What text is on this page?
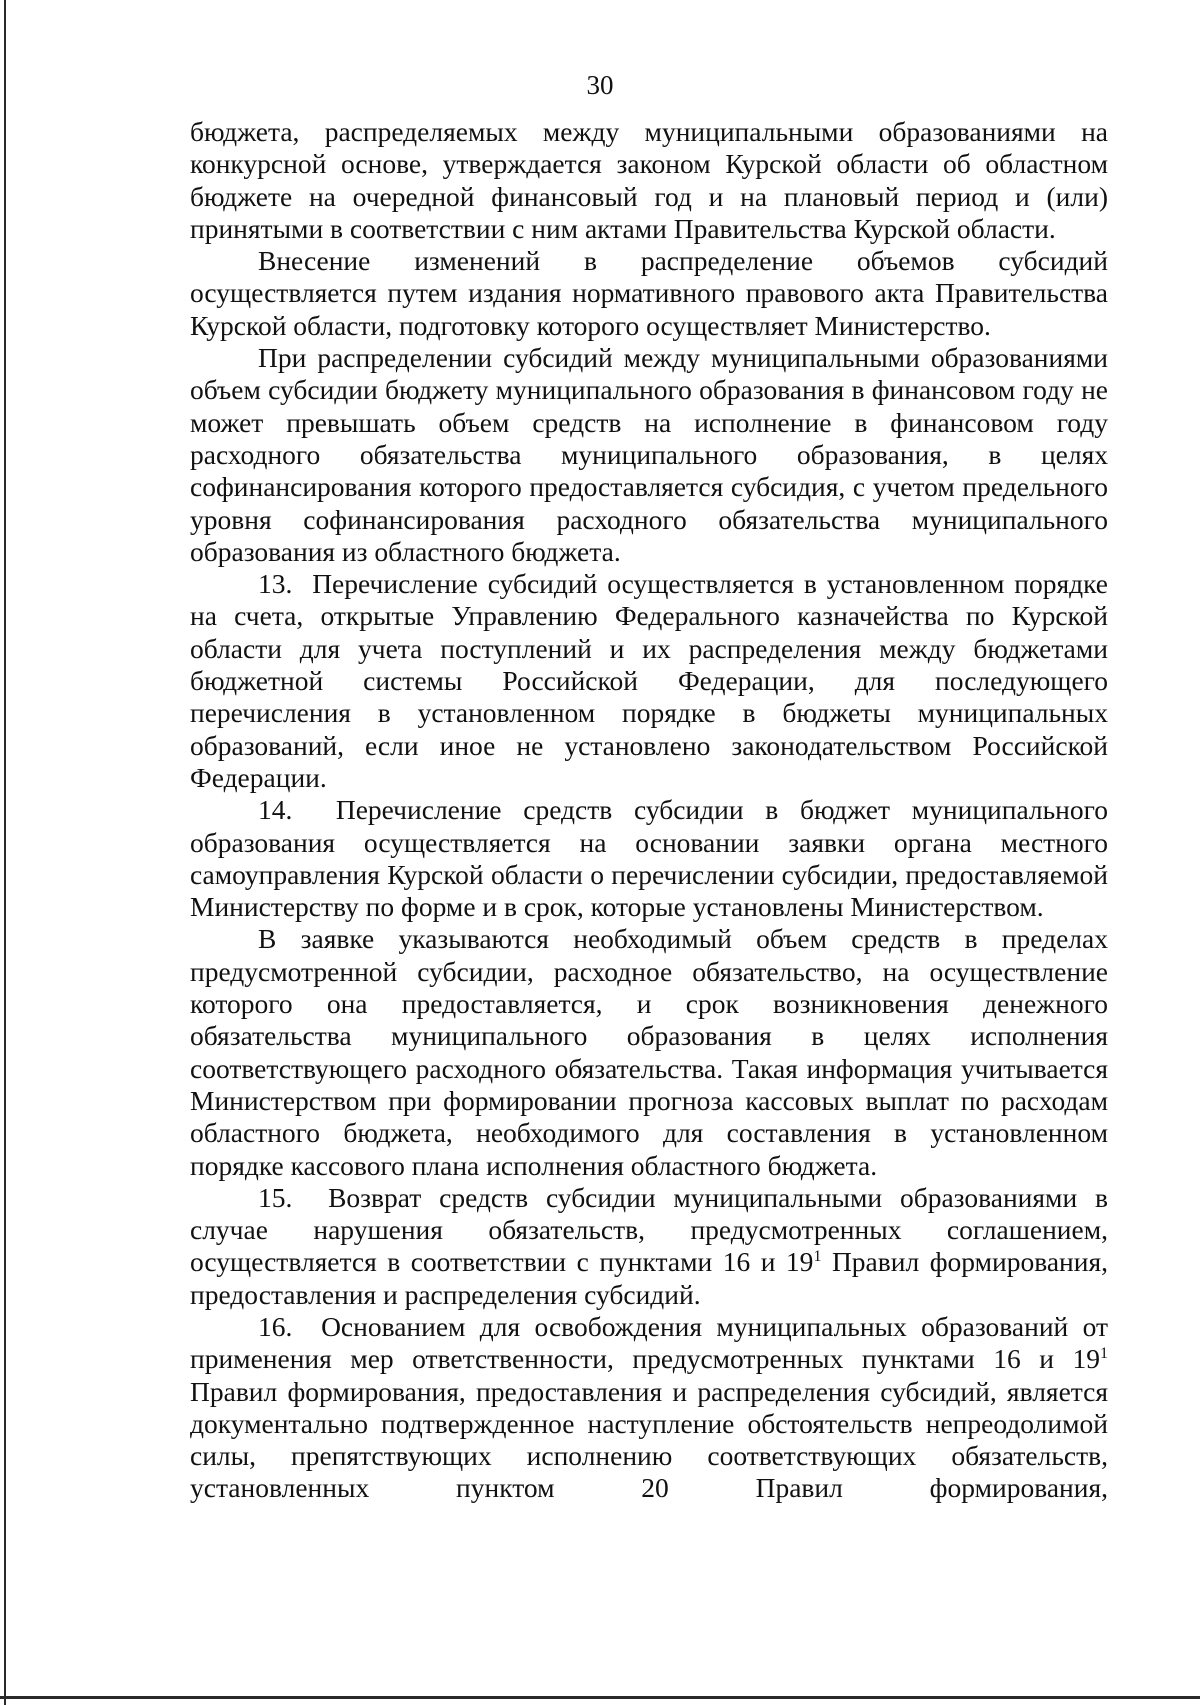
30

бюджета, распределяемых между муниципальными образованиями на конкурсной основе, утверждается законом Курской области об областном бюджете на очередной финансовый год и на плановый период и (или) принятыми в соответствии с ним актами Правительства Курской области.

Внесение изменений в распределение объемов субсидий осуществляется путем издания нормативного правового акта Правительства Курской области, подготовку которого осуществляет Министерство.

При распределении субсидий между муниципальными образованиями объем субсидии бюджету муниципального образования в финансовом году не может превышать объем средств на исполнение в финансовом году расходного обязательства муниципального образования, в целях софинансирования которого предоставляется субсидия, с учетом предельного уровня софинансирования расходного обязательства муниципального образования из областного бюджета.

13.  Перечисление субсидий осуществляется в установленном порядке на счета, открытые Управлению Федерального казначейства по Курской области для учета поступлений и их распределения между бюджетами бюджетной системы Российской Федерации, для последующего перечисления в установленном порядке в бюджеты муниципальных образований, если иное не установлено законодательством Российской Федерации.

14.  Перечисление средств субсидии в бюджет муниципального образования осуществляется на основании заявки органа местного самоуправления Курской области о перечислении субсидии, предоставляемой Министерству по форме и в срок, которые установлены Министерством.

В заявке указываются необходимый объем средств в пределах предусмотренной субсидии, расходное обязательство, на осуществление которого она предоставляется, и срок возникновения денежного обязательства муниципального образования в целях исполнения соответствующего расходного обязательства. Такая информация учитывается Министерством при формировании прогноза кассовых выплат по расходам областного бюджета, необходимого для составления в установленном порядке кассового плана исполнения областного бюджета.

15.  Возврат средств субсидии муниципальными образованиями в случае нарушения обязательств, предусмотренных соглашением, осуществляется в соответствии с пунктами 16 и $19^1$ Правил формирования, предоставления и распределения субсидий.

16.  Основанием для освобождения муниципальных образований от применения мер ответственности, предусмотренных пунктами 16 и $19^1$ Правил формирования, предоставления и распределения субсидий, является документально подтвержденное наступление обстоятельств непреодолимой силы, препятствующих исполнению соответствующих обязательств, установленных пунктом 20 Правил формирования,
